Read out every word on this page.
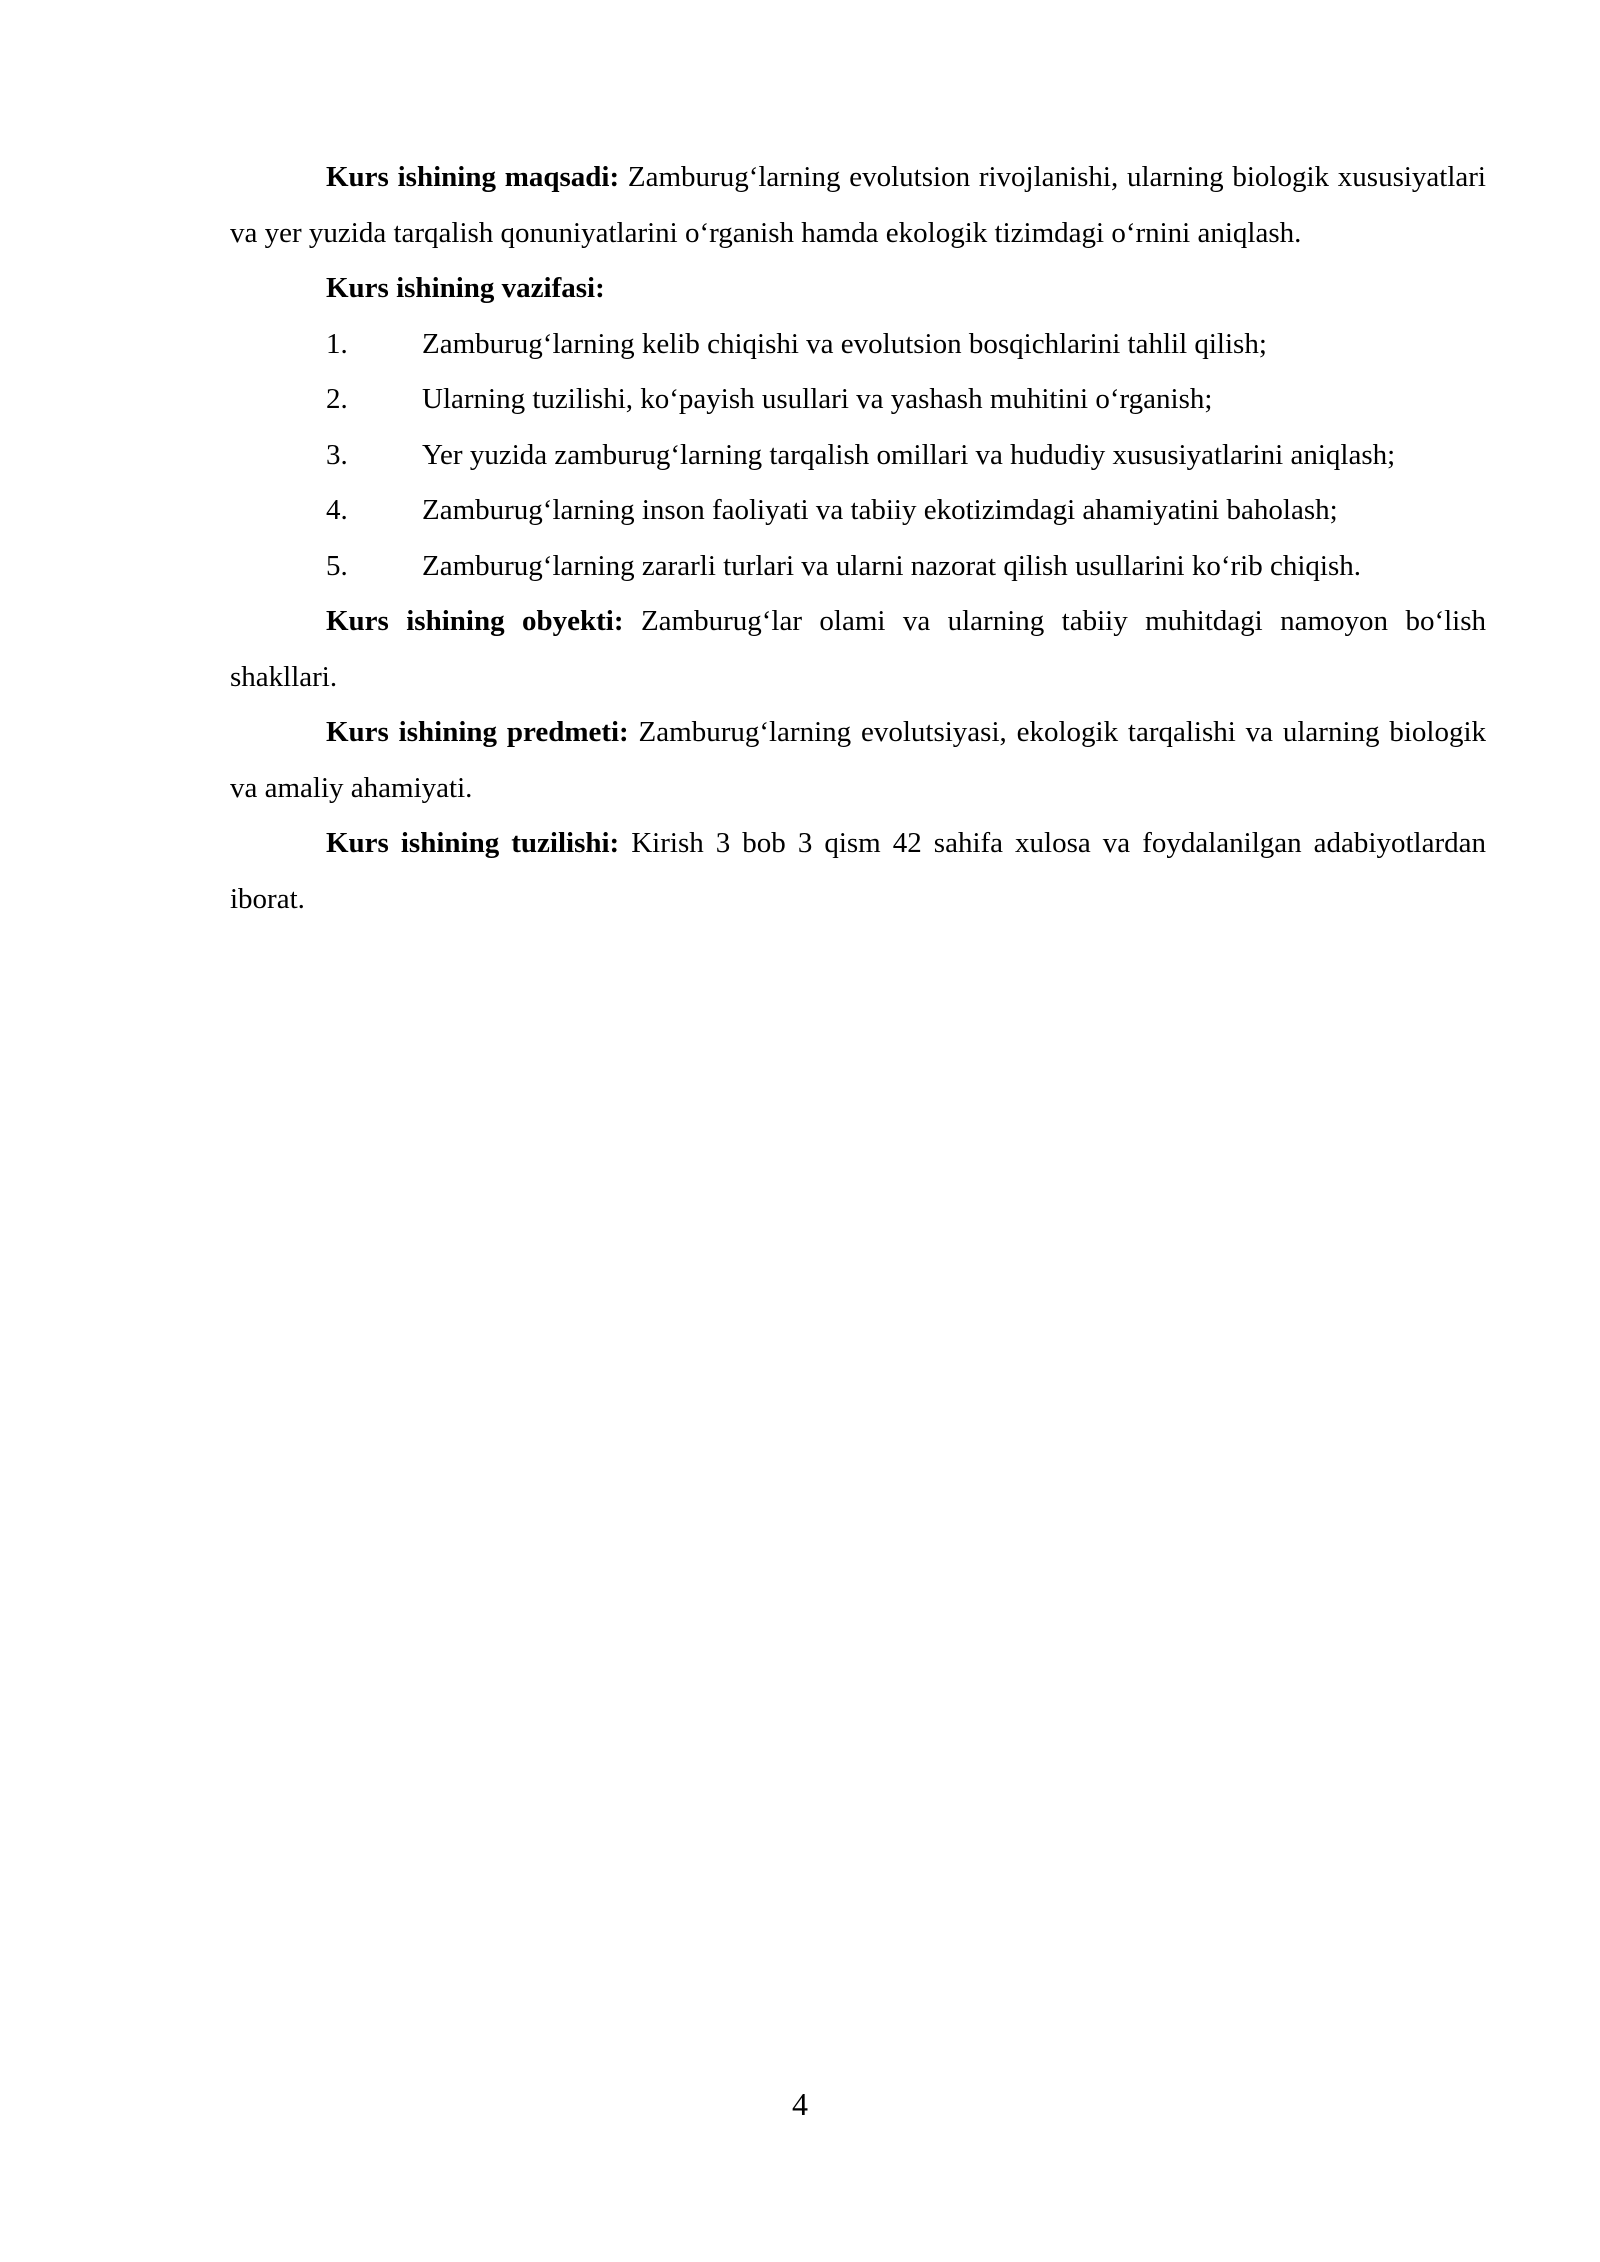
Kurs ishining maqsadi: Zamburug‘larning evolutsion rivojlanishi, ularning biologik xususiyatlari va yer yuzida tarqalish qonuniyatlarini o‘rganish hamda ekologik tizimdagi o‘rnini aniqlash.

Kurs ishining vazifasi:

1.	Zamburug‘larning kelib chiqishi va evolutsion bosqichlarini tahlil qilish;

2.	Ularning tuzilishi, ko‘payish usullari va yashash muhitini o‘rganish;

3.	Yer yuzida zamburug‘larning tarqalish omillari va hududiy xususiyatlarini aniqlash;

4.	Zamburug‘larning inson faoliyati va tabiiy ekotizimdagi ahamiyatini baholash;

5.	Zamburug‘larning zararli turlari va ularni nazorat qilish usullarini ko‘rib chiqish.

Kurs ishining obyekti: Zamburug‘lar olami va ularning tabiiy muhitdagi namoyon bo‘lish shakllari.

Kurs ishining predmeti: Zamburug‘larning evolutsiyasi, ekologik tarqalishi va ularning biologik va amaliy ahamiyati.

Kurs ishining tuzilishi: Kirish 3 bob 3 qism 42 sahifa xulosa va foydalanilgan adabiyotlardan iborat.

4
